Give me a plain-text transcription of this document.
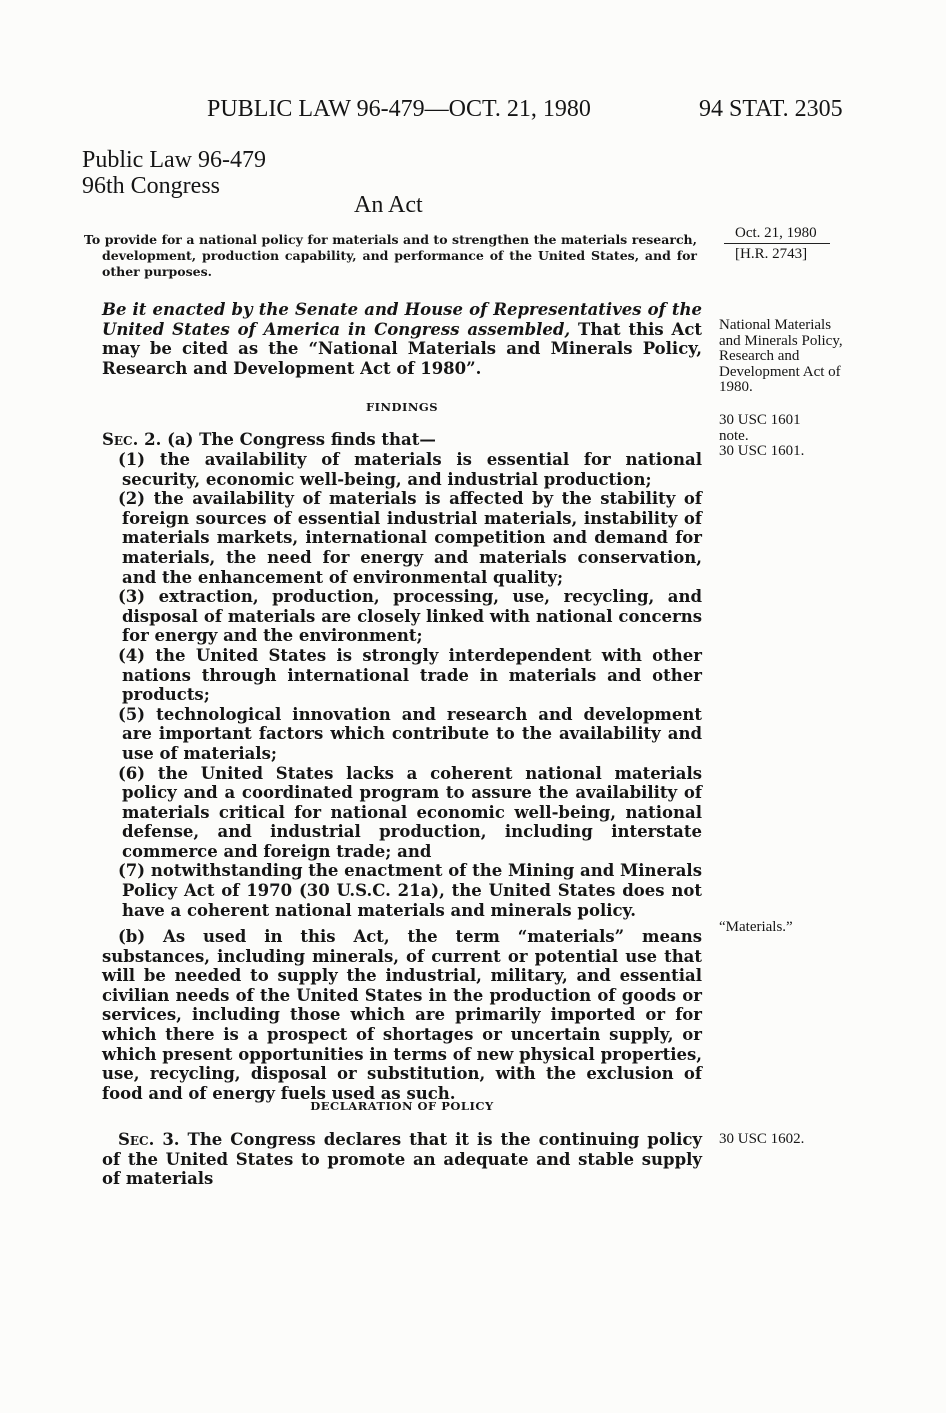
PUBLIC LAW 96-479—OCT. 21, 1980	94 STAT. 2305
Public Law 96-479
96th Congress
An Act

To provide for a national policy for materials and to strengthen the materials research, development, production capability, and performance of the United States, and for other purposes.

Be it enacted by the Senate and House of Representatives of the United States of America in Congress assembled, That this Act may be cited as the “National Materials and Minerals Policy, Research and Development Act of 1980”.

FINDINGS
Sec. 2. (a) The Congress finds that—

(1) the availability of materials is essential for national security, economic well-being, and industrial production;

(2) the availability of materials is affected by the stability of foreign sources of essential industrial materials, instability of materials markets, international competition and demand for materials, the need for energy and materials conservation, and the enhancement of environmental quality;

(3) extraction, production, processing, use, recycling, and disposal of materials are closely linked with national concerns for energy and the environment;

(4) the United States is strongly interdependent with other nations through international trade in materials and other products;

(5) technological innovation and research and development are important factors which contribute to the availability and use of materials;

(6) the United States lacks a coherent national materials policy and a coordinated program to assure the availability of materials critical for national economic well-being, national defense, and industrial production, including interstate commerce and foreign trade; and

(7) notwithstanding the enactment of the Mining and Minerals Policy Act of 1970 (30 U.S.C. 21a), the United States does not have a coherent national materials and minerals policy.

(b) As used in this Act, the term “materials” means substances, including minerals, of current or potential use that will be needed to supply the industrial, military, and essential civilian needs of the United States in the production of goods or services, including those which are primarily imported or for which there is a prospect of shortages or uncertain supply, or which present opportunities in terms of new physical properties, use, recycling, disposal or substitution, with the exclusion of food and of energy fuels used as such.

DECLARATION OF POLICY

Sec. 3. The Congress declares that it is the continuing policy of the United States to promote an adequate and stable supply of materials

Oct. 21, 1980
[H.R. 2743]
National Materials and Minerals Policy, Research and Development Act of 1980.
30 USC 1601 note.
30 USC 1601.
“Materials.”
30 USC 1602.
